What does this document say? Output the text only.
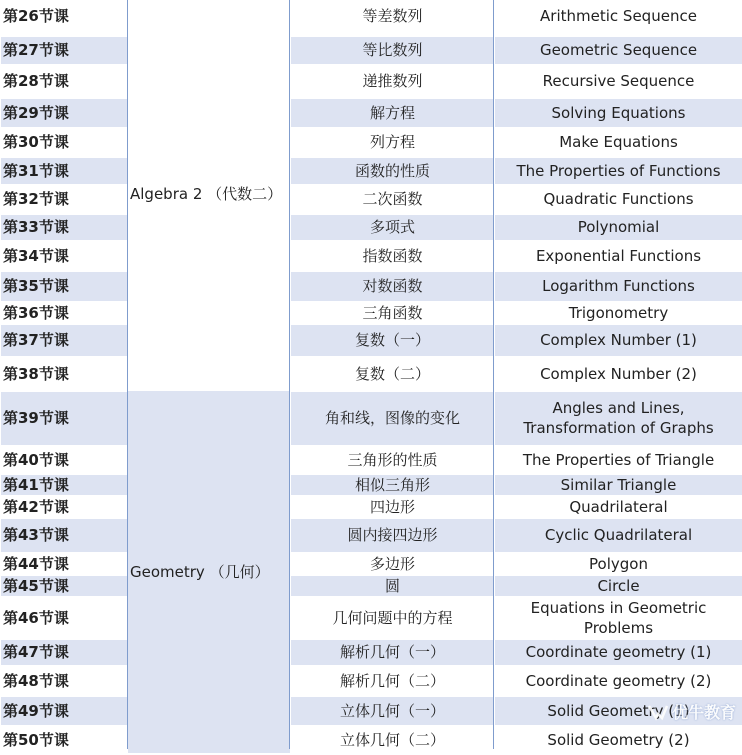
第26节课	Algebra 2 （代数二）	等差数列	Arithmetic Sequence
第27节课		等比数列	Geometric Sequence
第28节课		递推数列	Recursive Sequence
第29节课		解方程	Solving Equations
第30节课		列方程	Make Equations
第31节课		函数的性质	The Properties of Functions
第32节课		二次函数	Quadratic Functions
第33节课		多项式	Polynomial
第34节课		指数函数	Exponential Functions
第35节课		对数函数	Logarithm Functions
第36节课		三角函数	Trigonometry
第37节课		复数（一）	Complex Number (1)
第38节课		复数（二）	Complex Number (2)
第39节课	Geometry （几何）	角和线，图像的变化	Angles and Lines, Transformation of Graphs
第40节课		三角形的性质	The Properties of Triangle
第41节课		相似三角形	Similar Triangle
第42节课		四边形	Quadrilateral
第43节课		圆内接四边形	Cyclic Quadrilateral
第44节课		多边形	Polygon
第45节课		圆	Circle
第46节课		几何问题中的方程	Equations in Geometric Problems
第47节课		解析几何（一）	Coordinate geometry (1)
第48节课		解析几何（二）	Coordinate geometry (2)
第49节课		立体几何（一）	Solid Geometry (1)
第50节课		立体几何（二）	Solid Geometry (2)
优牛教育
